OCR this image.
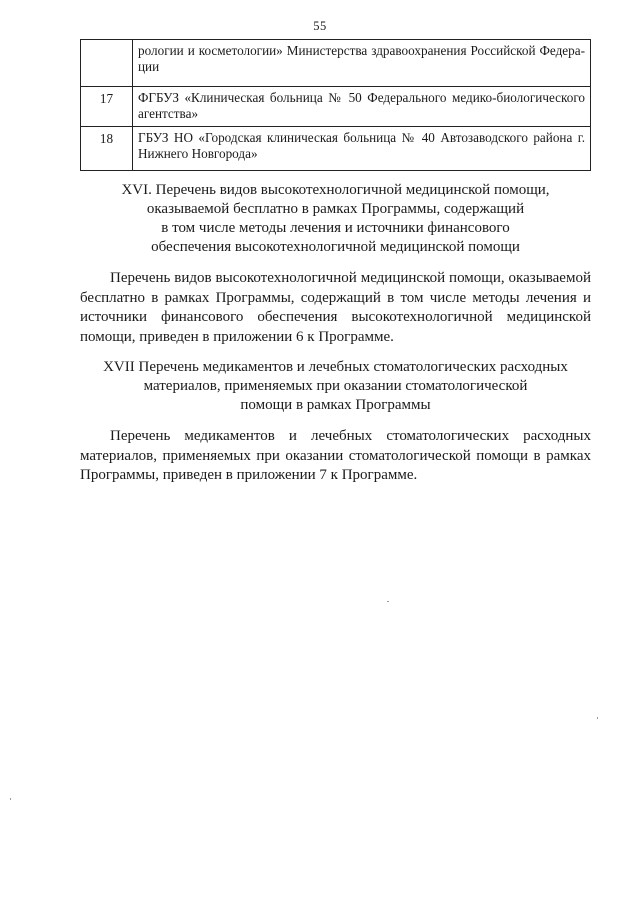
55
	рологии и косметологии» Министерства здравоохранения Российской Федера-ции
17	ФГБУЗ «Клиническая больница № 50 Федерального медико-биологического агентства»
18	ГБУЗ НО «Городская клиническая больница № 40 Автозаводского района г. Нижнего Новгорода»
XVI. Перечень видов высокотехнологичной медицинской помощи,
оказываемой бесплатно в рамках Программы, содержащий
в том числе методы лечения и источники финансового
обеспечения высокотехнологичной медицинской помощи

Перечень видов высокотехнологичной медицинской помощи, оказываемой бесплатно в рамках Программы, содержащий в том числе методы лечения и источники финансового обеспечения высокотехнологичной медицинской помощи, приведен в приложении 6 к Программе.

XVII Перечень медикаментов и лечебных стоматологических расходных
материалов, применяемых при оказании стоматологической
помощи в рамках Программы

Перечень медикаментов и лечебных стоматологических расходных материалов, применяемых при оказании стоматологической помощи в рамках Программы, приведен в приложении 7 к Программе.
